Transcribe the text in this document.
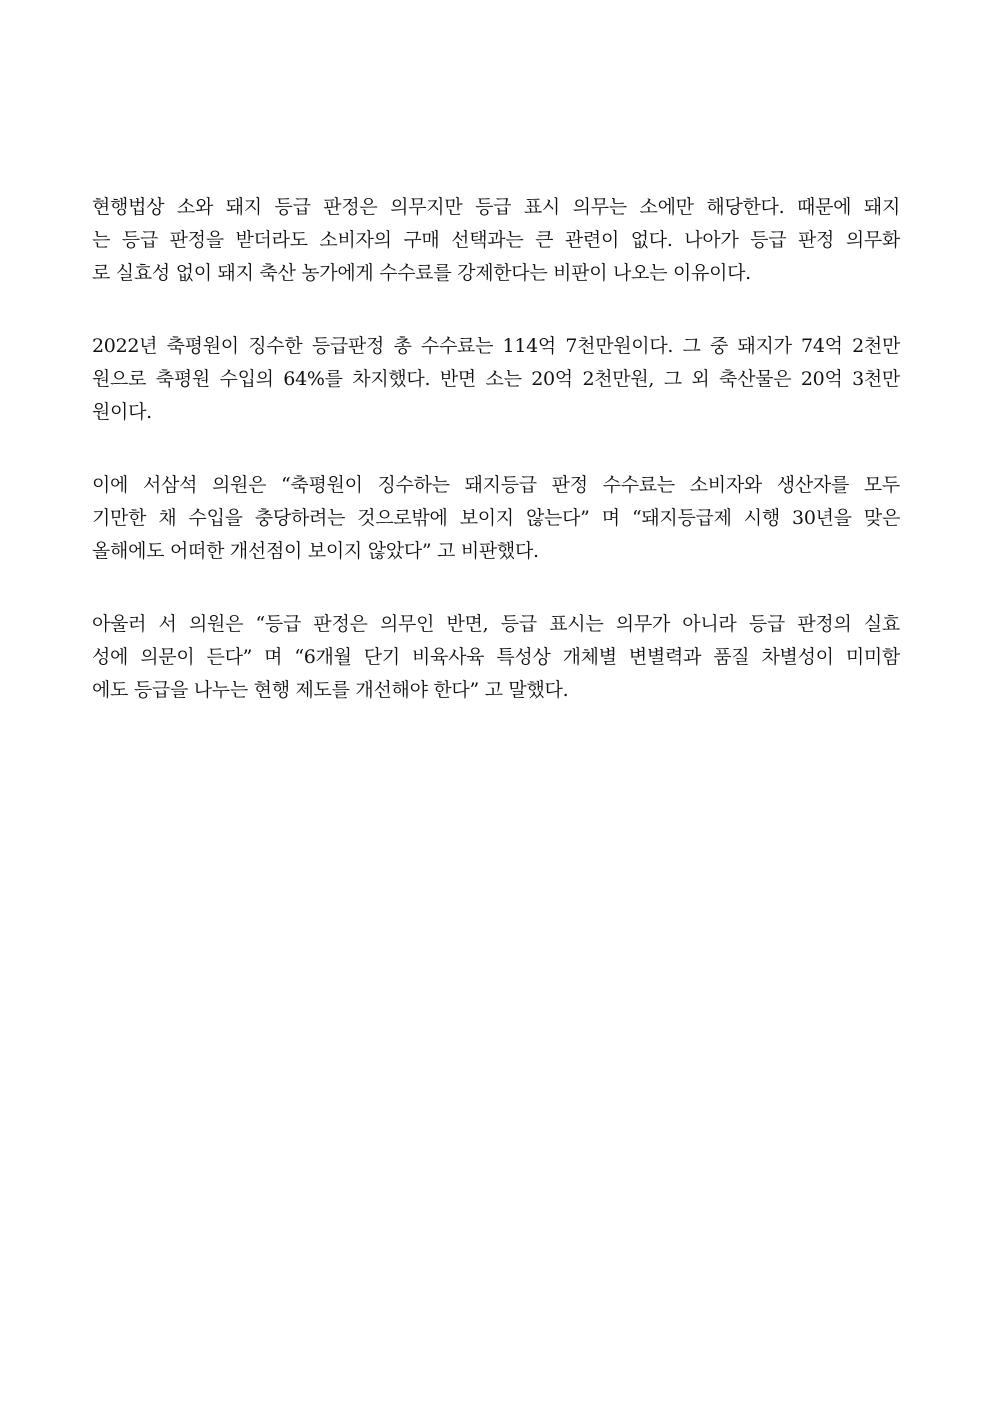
현행법상 소와 돼지 등급 판정은 의무지만 등급 표시 의무는 소에만 해당한다. 때문에 돼지
는 등급 판정을 받더라도 소비자의 구매 선택과는 큰 관련이 없다. 나아가 등급 판정 의무화
로 실효성 없이 돼지 축산 농가에게 수수료를 강제한다는 비판이 나오는 이유이다.
2022년 축평원이 징수한 등급판정 총 수수료는 114억 7천만원이다. 그 중 돼지가 74억 2천만
원으로 축평원 수입의 64%를 차지했다. 반면 소는 20억 2천만원, 그 외 축산물은 20억 3천만
원이다.
이에 서삼석 의원은 “축평원이 징수하는 돼지등급 판정 수수료는 소비자와 생산자를 모두
기만한 채 수입을 충당하려는 것으로밖에 보이지 않는다” 며 “돼지등급제 시행 30년을 맞은
올해에도 어떠한 개선점이 보이지 않았다” 고 비판했다.
아울러 서 의원은 “등급 판정은 의무인 반면, 등급 표시는 의무가 아니라 등급 판정의 실효
성에 의문이 든다” 며 “6개월 단기 비육사육 특성상 개체별 변별력과 품질 차별성이 미미함
에도 등급을 나누는 현행 제도를 개선해야 한다” 고 말했다.
